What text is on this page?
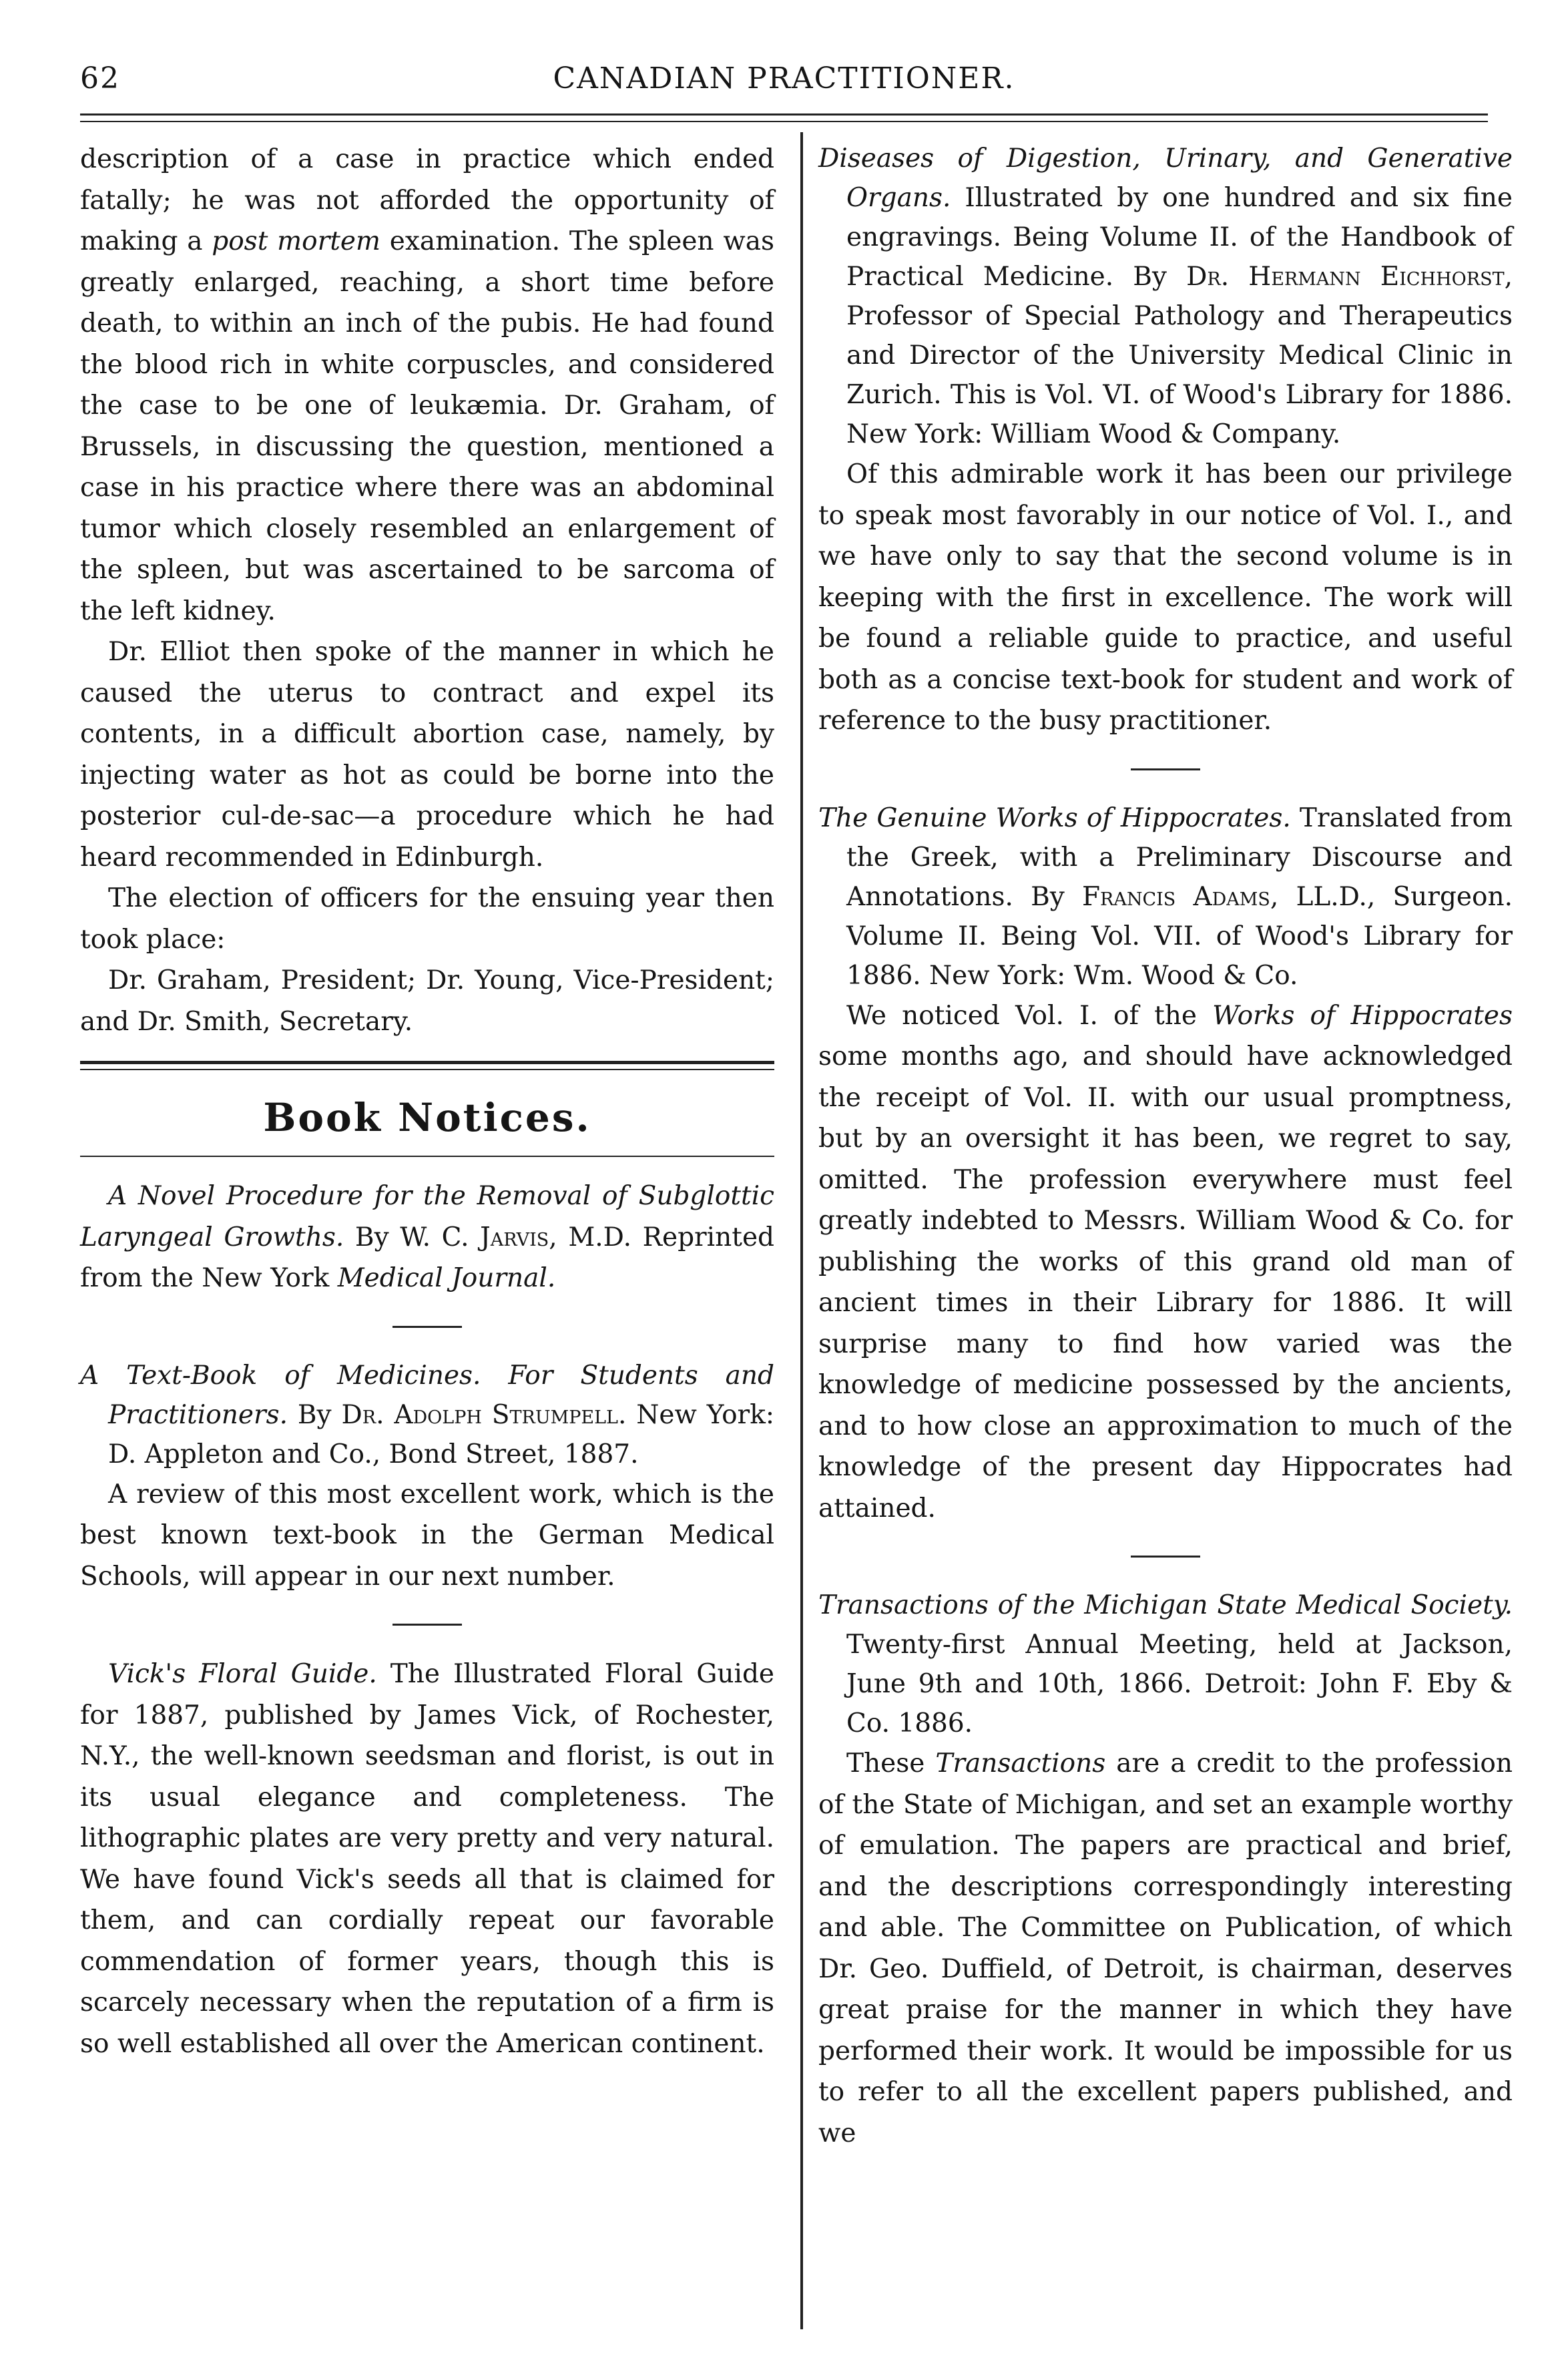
62	CANADIAN PRACTITIONER.

description of a case in practice which ended fatally; he was not afforded the opportunity of making a post mortem examination. The spleen was greatly enlarged, reaching, a short time before death, to within an inch of the pubis. He had found the blood rich in white corpuscles, and considered the case to be one of leukæmia. Dr. Graham, of Brussels, in discussing the question, mentioned a case in his practice where there was an abdominal tumor which closely resembled an enlargement of the spleen, but was ascertained to be sarcoma of the left kidney.

Dr. Elliot then spoke of the manner in which he caused the uterus to contract and expel its contents, in a difficult abortion case, namely, by injecting water as hot as could be borne into the posterior cul-de-sac—a procedure which he had heard recommended in Edinburgh.

The election of officers for the ensuing year then took place:

Dr. Graham, President; Dr. Young, Vice-President; and Dr. Smith, Secretary.

Book Notices.

A Novel Procedure for the Removal of Subglottic Laryngeal Growths. By W. C. Jarvis, M.D. Reprinted from the New York Medical Journal.

A Text-Book of Medicines. For Students and Practitioners. By Dr. Adolph Strumpell. New York: D. Appleton and Co., Bond Street, 1887.

A review of this most excellent work, which is the best known text-book in the German Medical Schools, will appear in our next number.

Vick's Floral Guide. The Illustrated Floral Guide for 1887, published by James Vick, of Rochester, N.Y., the well-known seedsman and florist, is out in its usual elegance and completeness. The lithographic plates are very pretty and very natural. We have found Vick's seeds all that is claimed for them, and can cordially repeat our favorable commendation of former years, though this is scarcely necessary when the reputation of a firm is so well established all over the American continent.

Diseases of Digestion, Urinary, and Generative Organs. Illustrated by one hundred and six fine engravings. Being Volume II. of the Handbook of Practical Medicine. By Dr. Hermann Eichhorst, Professor of Special Pathology and Therapeutics and Director of the University Medical Clinic in Zurich. This is Vol. VI. of Wood's Library for 1886. New York: William Wood & Company.

Of this admirable work it has been our privilege to speak most favorably in our notice of Vol. I., and we have only to say that the second volume is in keeping with the first in excellence. The work will be found a reliable guide to practice, and useful both as a concise text-book for student and work of reference to the busy practitioner.

The Genuine Works of Hippocrates. Translated from the Greek, with a Preliminary Discourse and Annotations. By Francis Adams, LL.D., Surgeon. Volume II. Being Vol. VII. of Wood's Library for 1886. New York: Wm. Wood & Co.

We noticed Vol. I. of the Works of Hippocrates some months ago, and should have acknowledged the receipt of Vol. II. with our usual promptness, but by an oversight it has been, we regret to say, omitted. The profession everywhere must feel greatly indebted to Messrs. William Wood & Co. for publishing the works of this grand old man of ancient times in their Library for 1886. It will surprise many to find how varied was the knowledge of medicine possessed by the ancients, and to how close an approximation to much of the knowledge of the present day Hippocrates had attained.

Transactions of the Michigan State Medical Society. Twenty-first Annual Meeting, held at Jackson, June 9th and 10th, 1866. Detroit: John F. Eby & Co. 1886.

These Transactions are a credit to the profession of the State of Michigan, and set an example worthy of emulation. The papers are practical and brief, and the descriptions correspondingly interesting and able. The Committee on Publication, of which Dr. Geo. Duffield, of Detroit, is chairman, deserves great praise for the manner in which they have performed their work. It would be impossible for us to refer to all the excellent papers published, and we
